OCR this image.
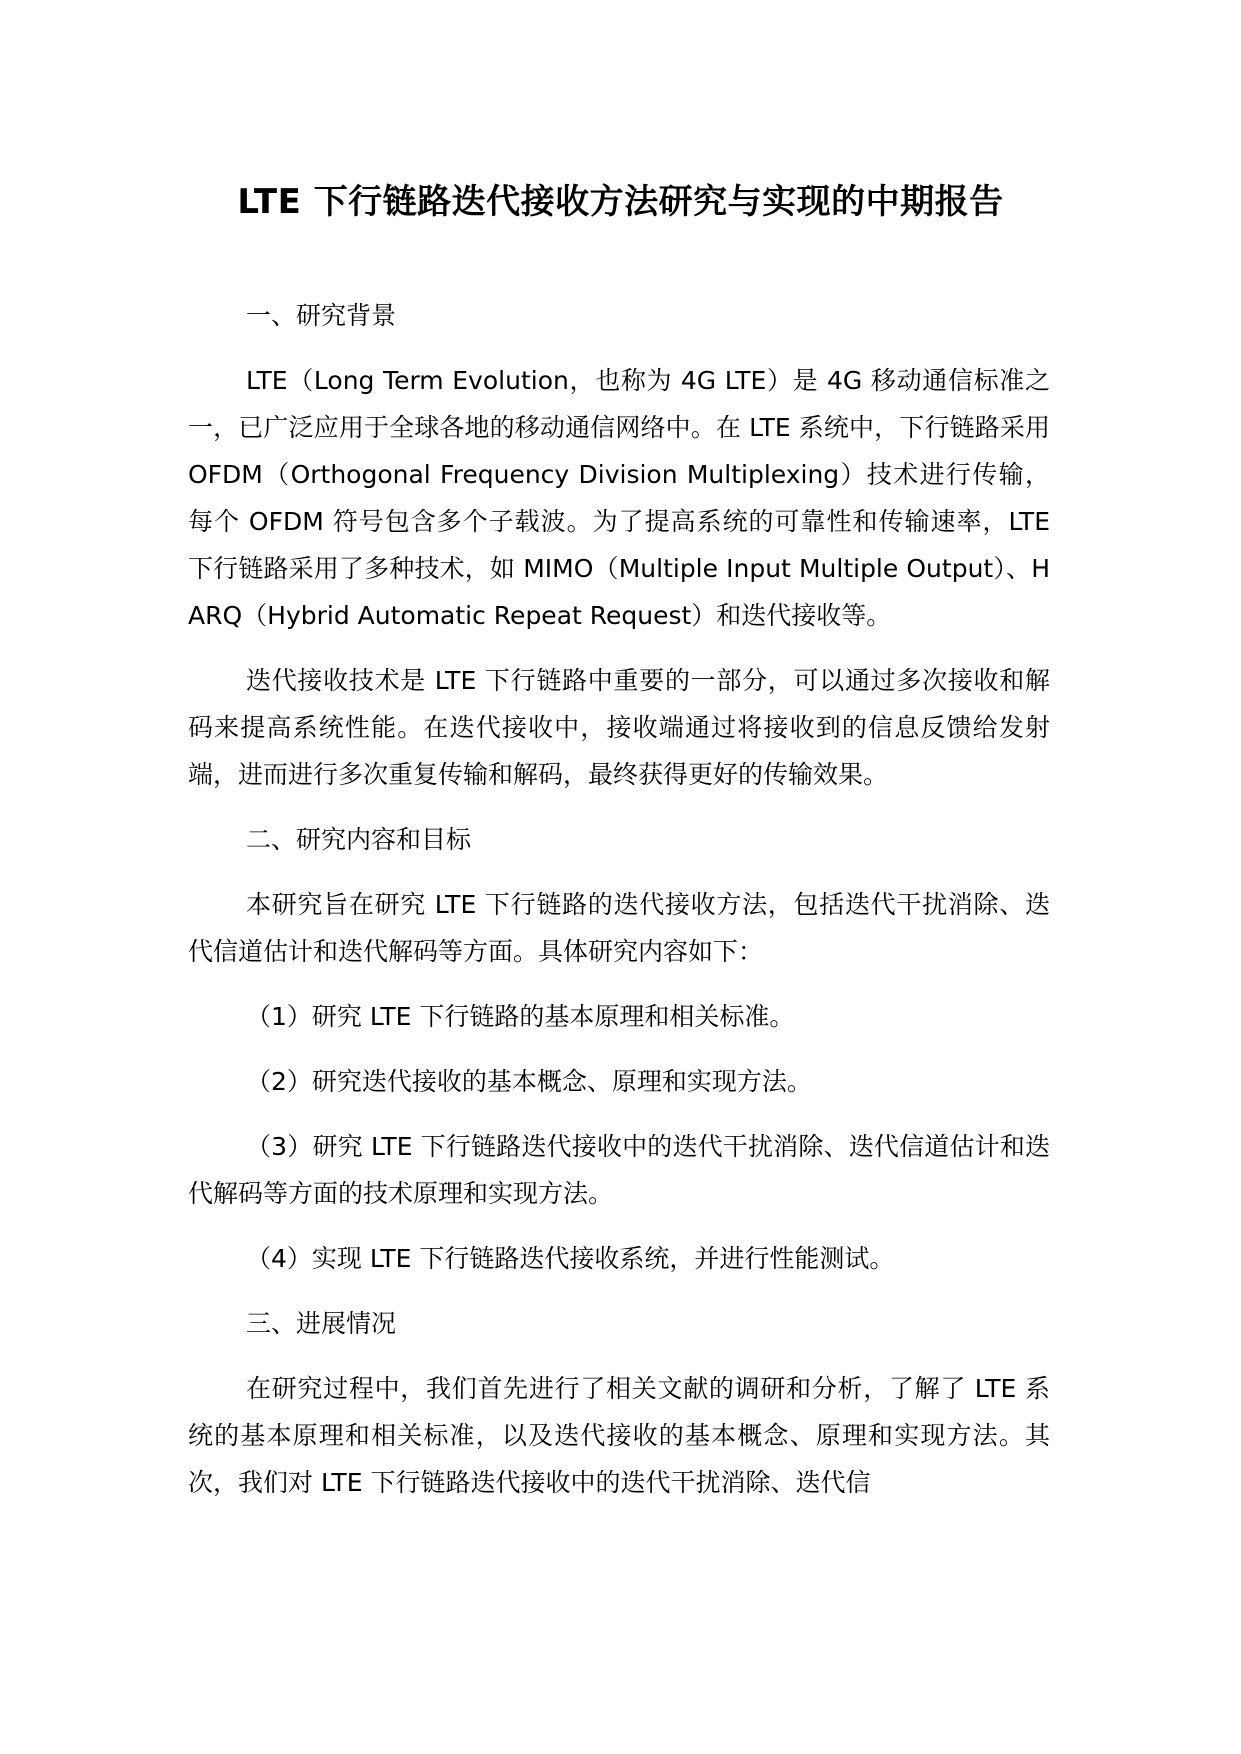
LTE 下行链路迭代接收方法研究与实现的中期报告

一、研究背景

LTE（Long Term Evolution，也称为 4G LTE）是 4G 移动通信标准之一，已广泛应用于全球各地的移动通信网络中。在 LTE 系统中，下行链路采用 OFDM（Orthogonal Frequency Division Multiplexing）技术进行传输，每个 OFDM 符号包含多个子载波。为了提高系统的可靠性和传输速率，LTE 下行链路采用了多种技术，如 MIMO（Multiple Input Multiple Output）、HARQ（Hybrid Automatic Repeat Request）和迭代接收等。

迭代接收技术是 LTE 下行链路中重要的一部分，可以通过多次接收和解码来提高系统性能。在迭代接收中，接收端通过将接收到的信息反馈给发射端，进而进行多次重复传输和解码，最终获得更好的传输效果。

二、研究内容和目标

本研究旨在研究 LTE 下行链路的迭代接收方法，包括迭代干扰消除、迭代信道估计和迭代解码等方面。具体研究内容如下：

（1）研究 LTE 下行链路的基本原理和相关标准。

（2）研究迭代接收的基本概念、原理和实现方法。

（3）研究 LTE 下行链路迭代接收中的迭代干扰消除、迭代信道估计和迭代解码等方面的技术原理和实现方法。

（4）实现 LTE 下行链路迭代接收系统，并进行性能测试。

三、进展情况

在研究过程中，我们首先进行了相关文献的调研和分析，了解了 LTE 系统的基本原理和相关标准，以及迭代接收的基本概念、原理和实现方法。其次，我们对 LTE 下行链路迭代接收中的迭代干扰消除、迭代信
